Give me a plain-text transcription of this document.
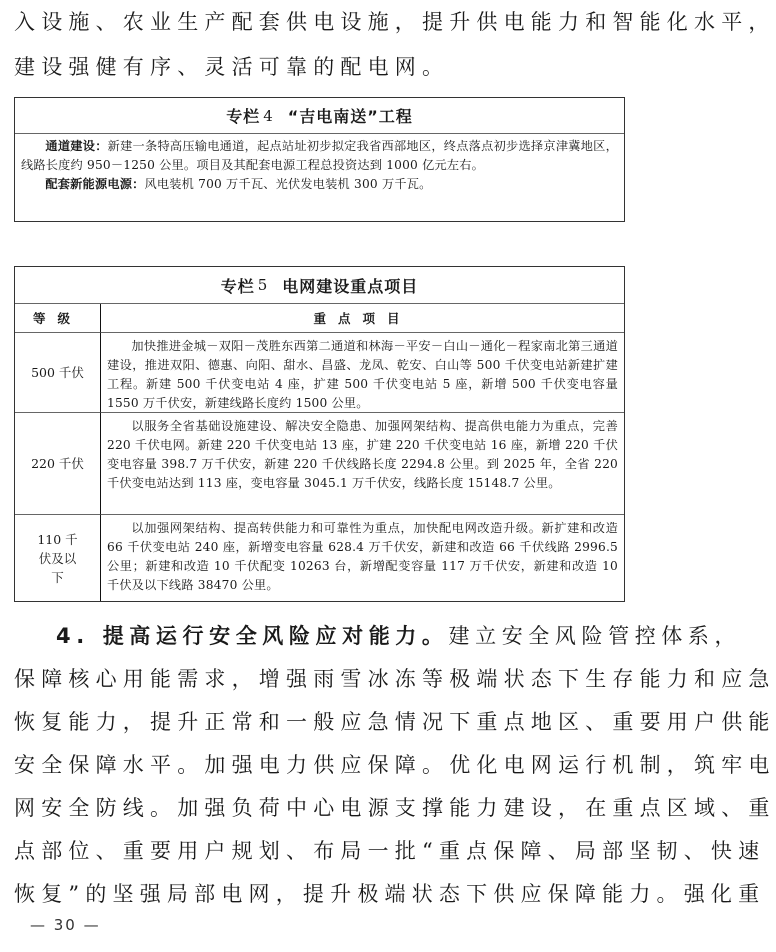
入设施、农业生产配套供电设施，提升供电能力和智能化水平，
建设强健有序、灵活可靠的配电网。
专栏 4 “吉电南送”工程

通道建设：新建一条特高压输电通道，起点站址初步拟定我省西部地区，终点落点初步选择京津冀地区，线路长度约 950－1250 公里。项目及其配套电源工程总投资达到 1000 亿元左右。

配套新能源电源：风电装机 700 万千瓦、光伏发电装机 300 万千瓦。

专栏 5 电网建设重点项目
等级	重点项目
500 千伏
加快推进金城－双阳－茂胜东西第二通道和林海－平安－白山－通化－程家南北第三通道建设，推进双阳、德惠、向阳、甜水、昌盛、龙凤、乾安、白山等 500 千伏变电站新建扩建工程。新建 500 千伏变电站 4 座，扩建 500 千伏变电站 5 座，新增 500 千伏变电容量 1550 万千伏安，新建线路长度约 1500 公里。
220 千伏
以服务全省基础设施建设、解决安全隐患、加强网架结构、提高供电能力为重点，完善 220 千伏电网。新建 220 千伏变电站 13 座，扩建 220 千伏变电站 16 座，新增 220 千伏变电容量 398.7 万千伏安，新建 220 千伏线路长度 2294.8 公里。到 2025 年，全省 220 千伏变电站达到 113 座，变电容量 3045.1 万千伏安，线路长度 15148.7 公里。
110 千伏及以下
以加强网架结构、提高转供能力和可靠性为重点，加快配电网改造升级。新扩建和改造 66 千伏变电站 240 座，新增变电容量 628.4 万千伏安，新建和改造 66 千伏线路 2996.5 公里；新建和改造 10 千伏配变 10263 台，新增配变容量 117 万千伏安，新建和改造 10 千伏及以下线路 38470 公里。
4. 提高运行安全风险应对能力。建立安全风险管控体系，
保障核心用能需求，增强雨雪冰冻等极端状态下生存能力和应急
恢复能力，提升正常和一般应急情况下重点地区、重要用户供能
安全保障水平。加强电力供应保障。优化电网运行机制，筑牢电
网安全防线。加强负荷中心电源支撑能力建设，在重点区域、重
点部位、重要用户规划、布局一批“重点保障、局部坚韧、快速
恢复”的坚强局部电网，提升极端状态下供应保障能力。强化重
— 30 —
